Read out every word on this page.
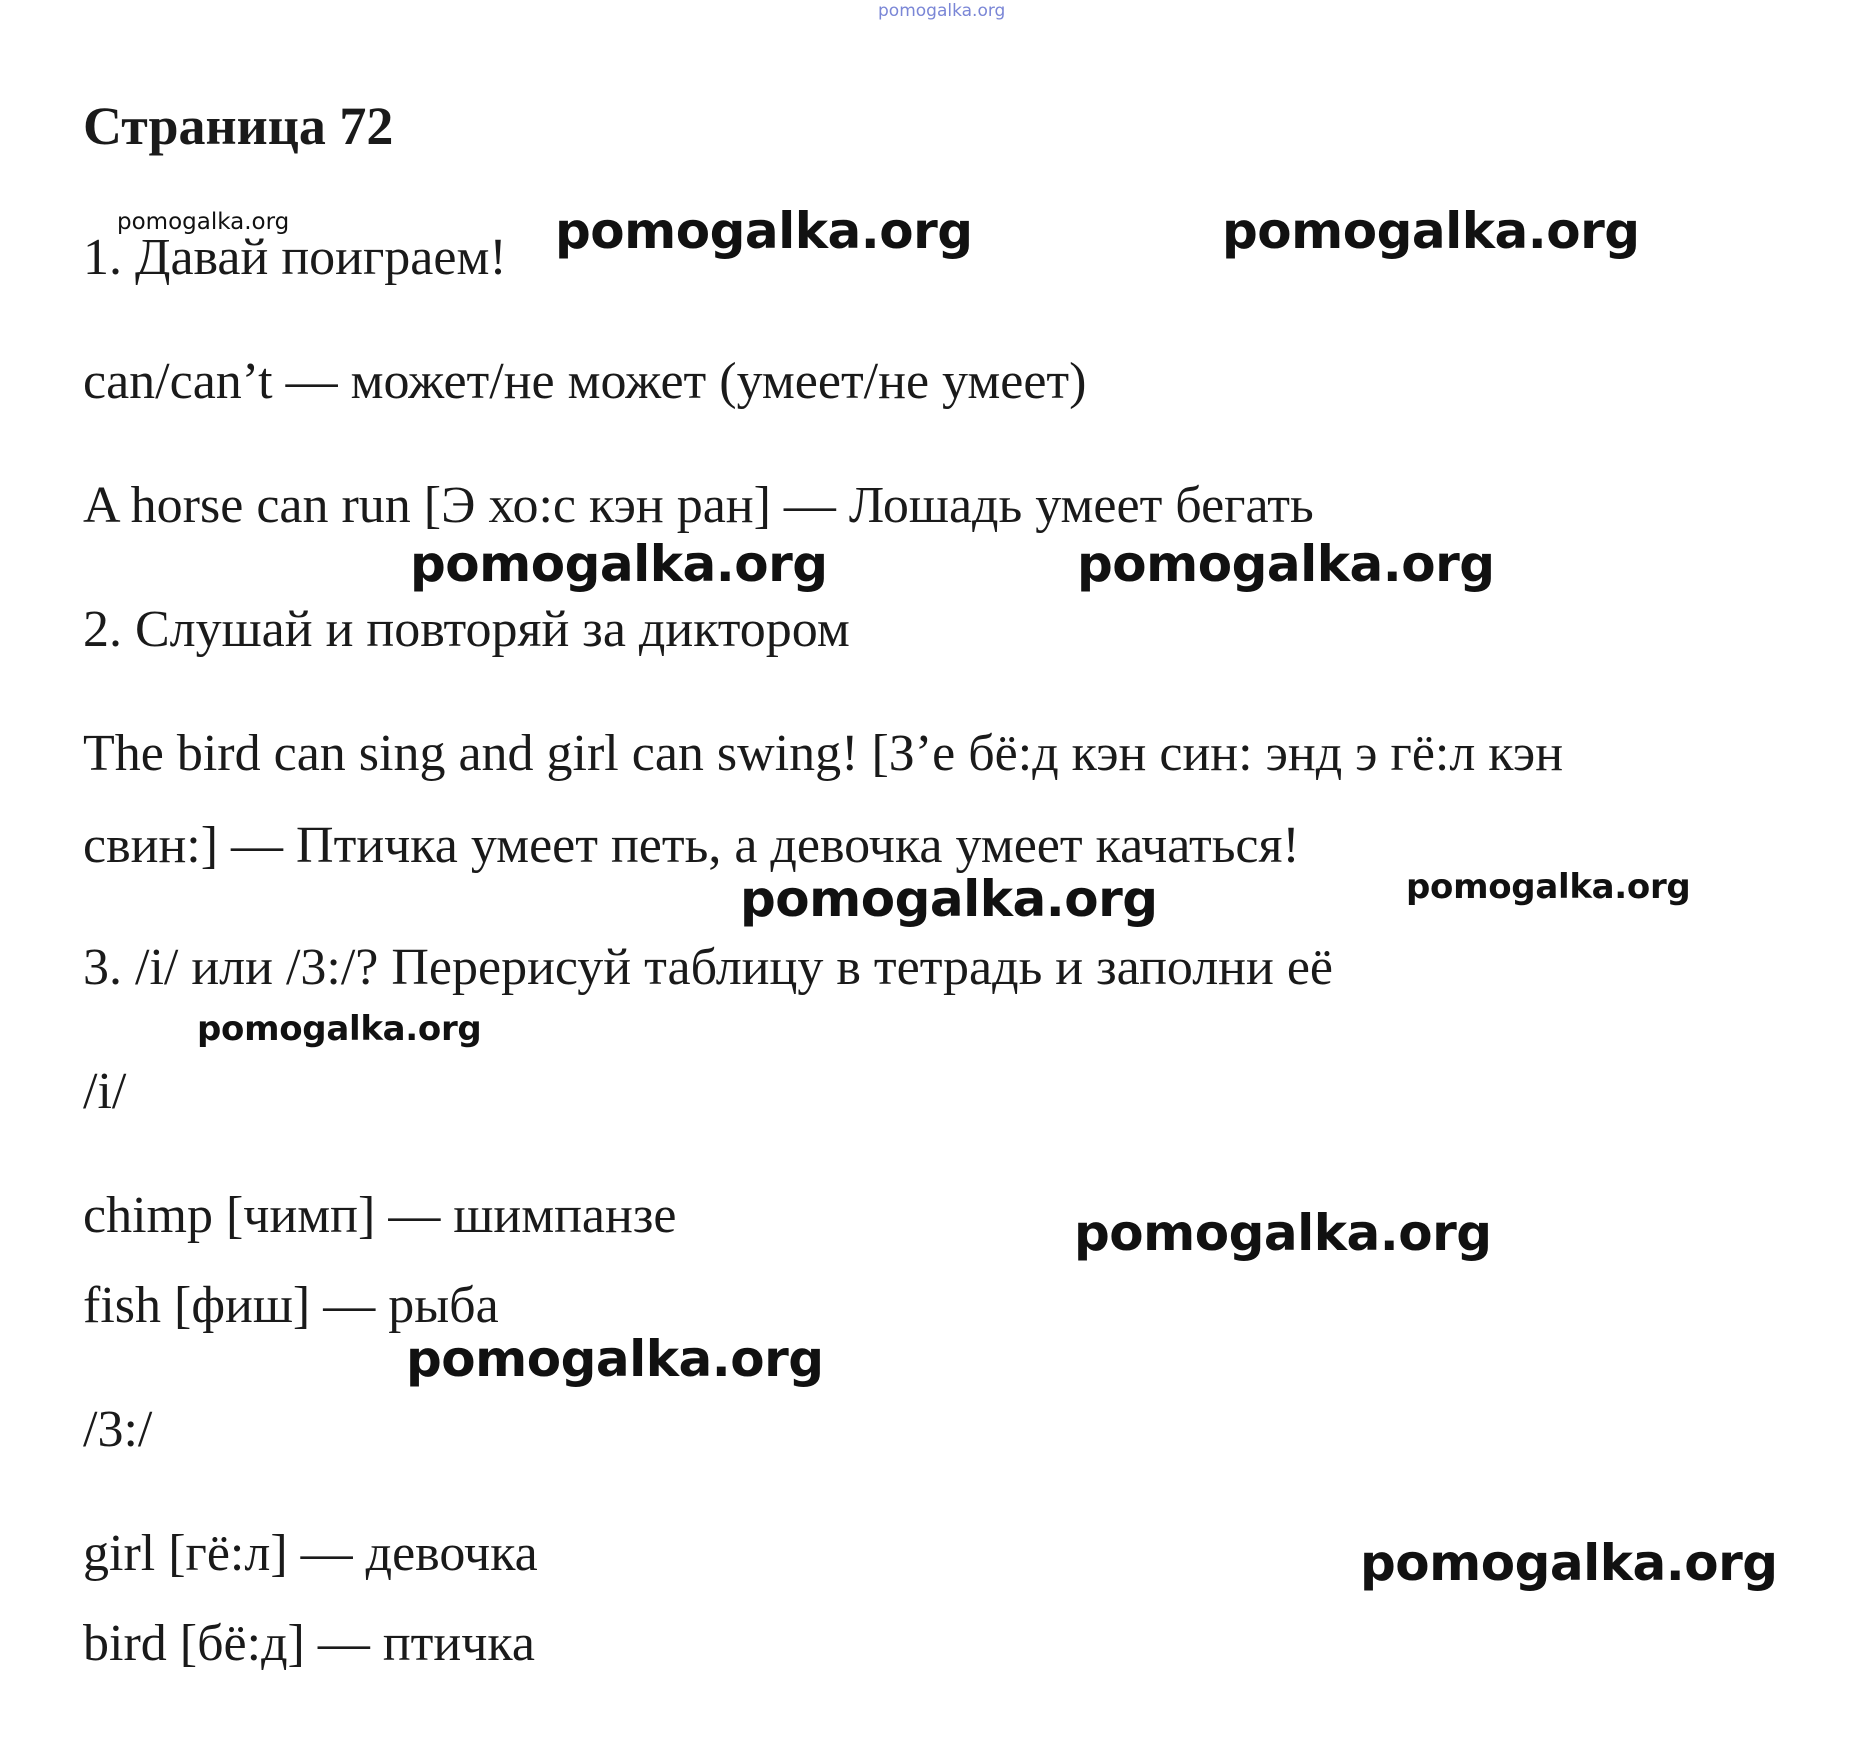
pomogalka.org
Страница 72

1. Давай поиграем!

can/can’t — может/не может (умеет/не умеет)

A horse can run [Э хо:с кэн ран] — Лошадь умеет бегать

2. Слушай и повторяй за диктором

The bird can sing and girl can swing! [З’е бё:д кэн син: энд э гё:л кэн

свин:] — Птичка умеет петь, а девочка умеет качаться!

3. /i/ или /3:/? Перерисуй таблицу в тетрадь и заполни её

/i/

chimp [чимп] — шимпанзе

fish [фиш] — рыба

/3:/

girl [гё:л] — девочка

bird [бё:д] — птичка

pomogalka.org	pomogalka.org	pomogalka.org
pomogalka.org	pomogalka.org
pomogalka.org	pomogalka.org
pomogalka.org
pomogalka.org
pomogalka.org
pomogalka.org
